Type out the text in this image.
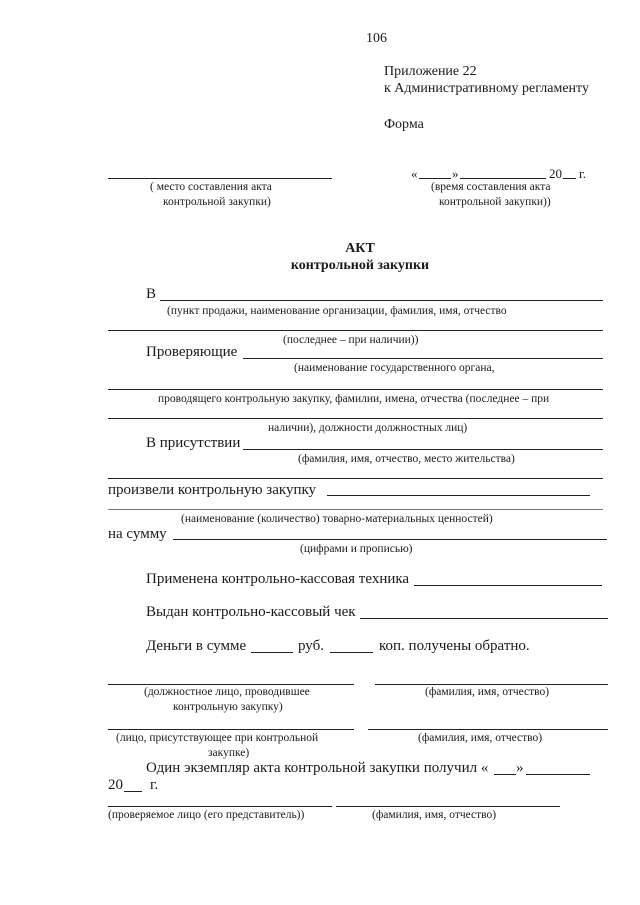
106
Приложение 22
к Административному регламенту
Форма
«	»	20 г.
( место составления акта
контрольной закупки)
(время составления акта
контрольной закупки))
АКТ
контрольной закупки
В
(пункт продажи, наименование организации, фамилия, имя, отчество
(последнее – при наличии))
Проверяющие
(наименование государственного органа,
проводящего контрольную закупку, фамилии, имена, отчества (последнее – при
наличии), должности должностных лиц)
В присутствии
(фамилия, имя, отчество, место жительства)
произвели контрольную закупку
(наименование (количество) товарно-материальных ценностей)
на сумму
(цифрами и прописью)
Применена контрольно-кассовая техника
Выдан контрольно-кассовый чек
Деньги в сумме	руб.	коп. получены обратно.
(должностное лицо, проводившее
контрольную закупку)
(фамилия, имя, отчество)
(лицо, присутствующее при контрольной
закупке)
(фамилия, имя, отчество)
Один экземпляр акта контрольной закупки получил « »
20 г.
(проверяемое лицо (его представитель))	(фамилия, имя, отчество)
